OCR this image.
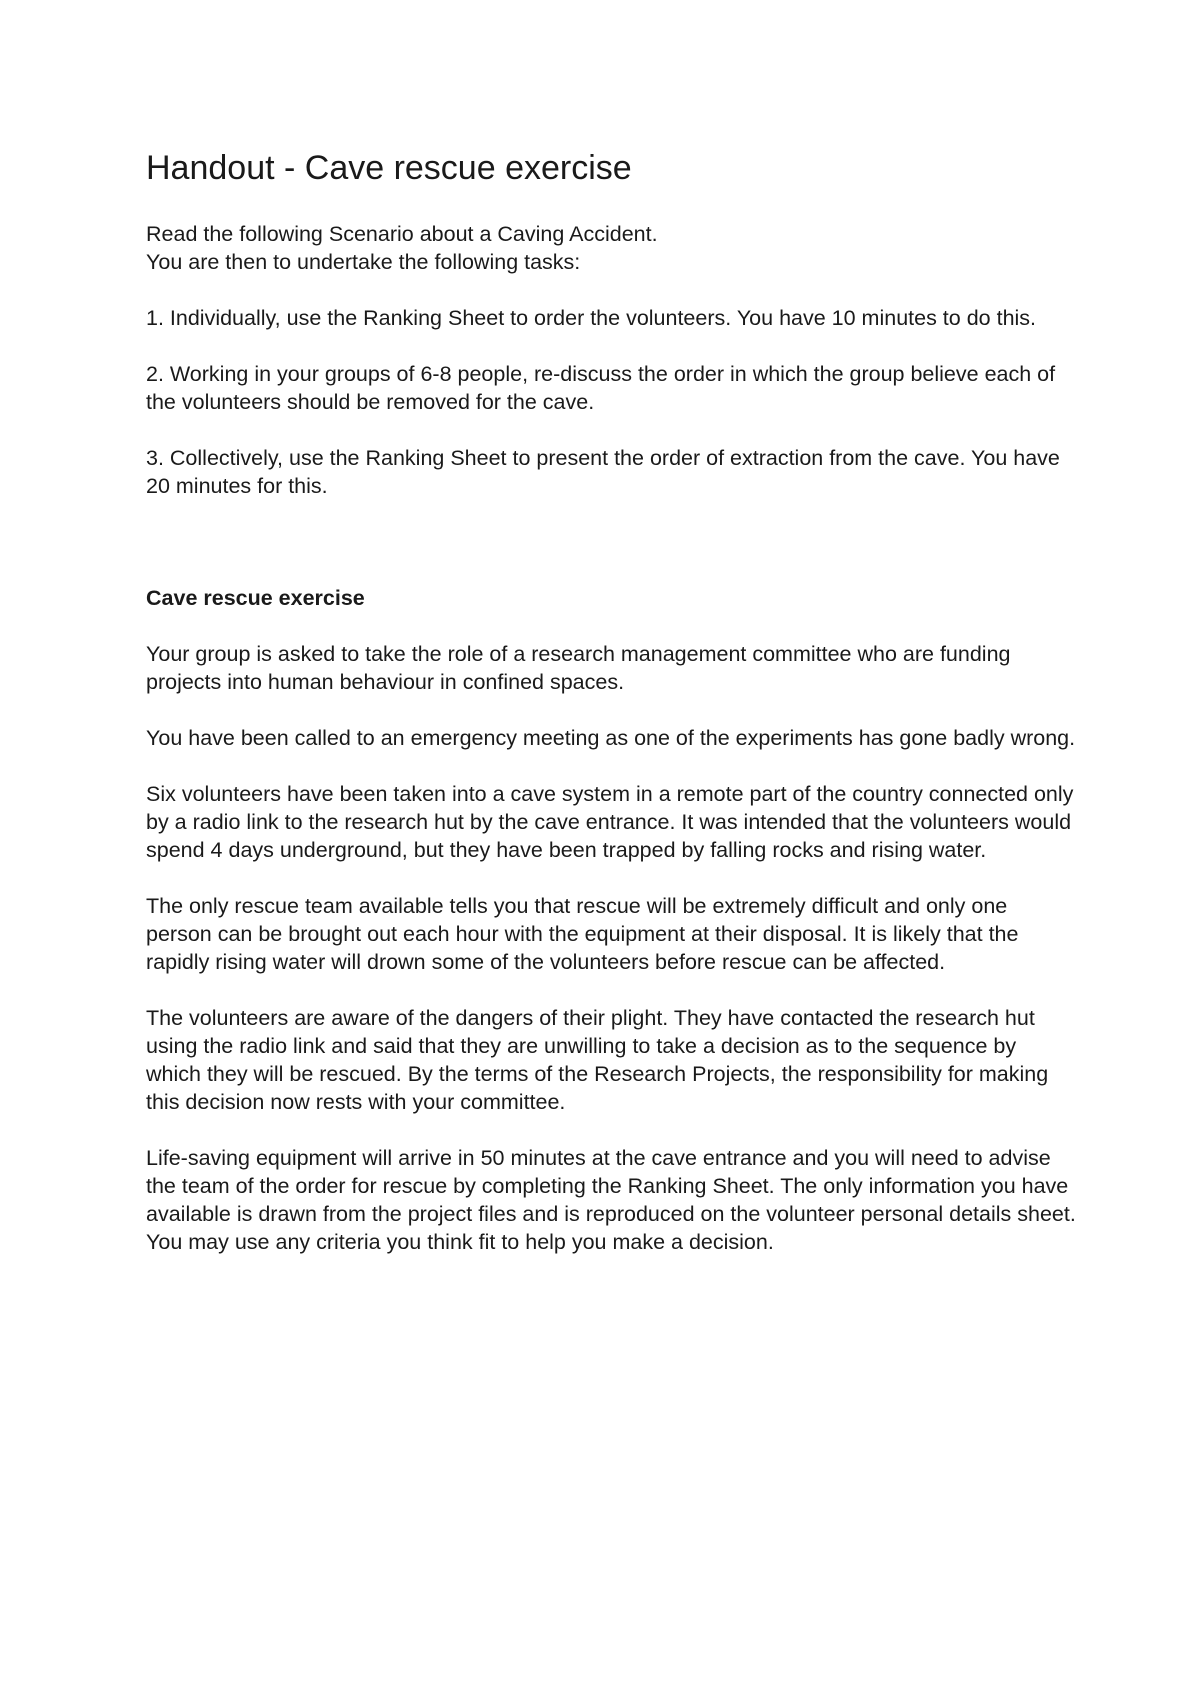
Handout - Cave rescue exercise

Read the following Scenario about a Caving Accident.
You are then to undertake the following tasks:

1. Individually, use the Ranking Sheet to order the volunteers. You have 10 minutes to do this.

2. Working in your groups of 6-8 people, re-discuss the order in which the group believe each of the volunteers should be removed for the cave.

3. Collectively, use the Ranking Sheet to present the order of extraction from the cave. You have 20 minutes for this.

Cave rescue exercise

Your group is asked to take the role of a research management committee who are funding projects into human behaviour in confined spaces.

You have been called to an emergency meeting as one of the experiments has gone badly wrong.

Six volunteers have been taken into a cave system in a remote part of the country connected only by a radio link to the research hut by the cave entrance. It was intended that the volunteers would spend 4 days underground, but they have been trapped by falling rocks and rising water.

The only rescue team available tells you that rescue will be extremely difficult and only one person can be brought out each hour with the equipment at their disposal. It is likely that the rapidly rising water will drown some of the volunteers before rescue can be affected.

The volunteers are aware of the dangers of their plight. They have contacted the research hut using the radio link and said that they are unwilling to take a decision as to the sequence by which they will be rescued. By the terms of the Research Projects, the responsibility for making this decision now rests with your committee.

Life-saving equipment will arrive in 50 minutes at the cave entrance and you will need to advise the team of the order for rescue by completing the Ranking Sheet. The only information you have available is drawn from the project files and is reproduced on the volunteer personal details sheet. You may use any criteria you think fit to help you make a decision.
